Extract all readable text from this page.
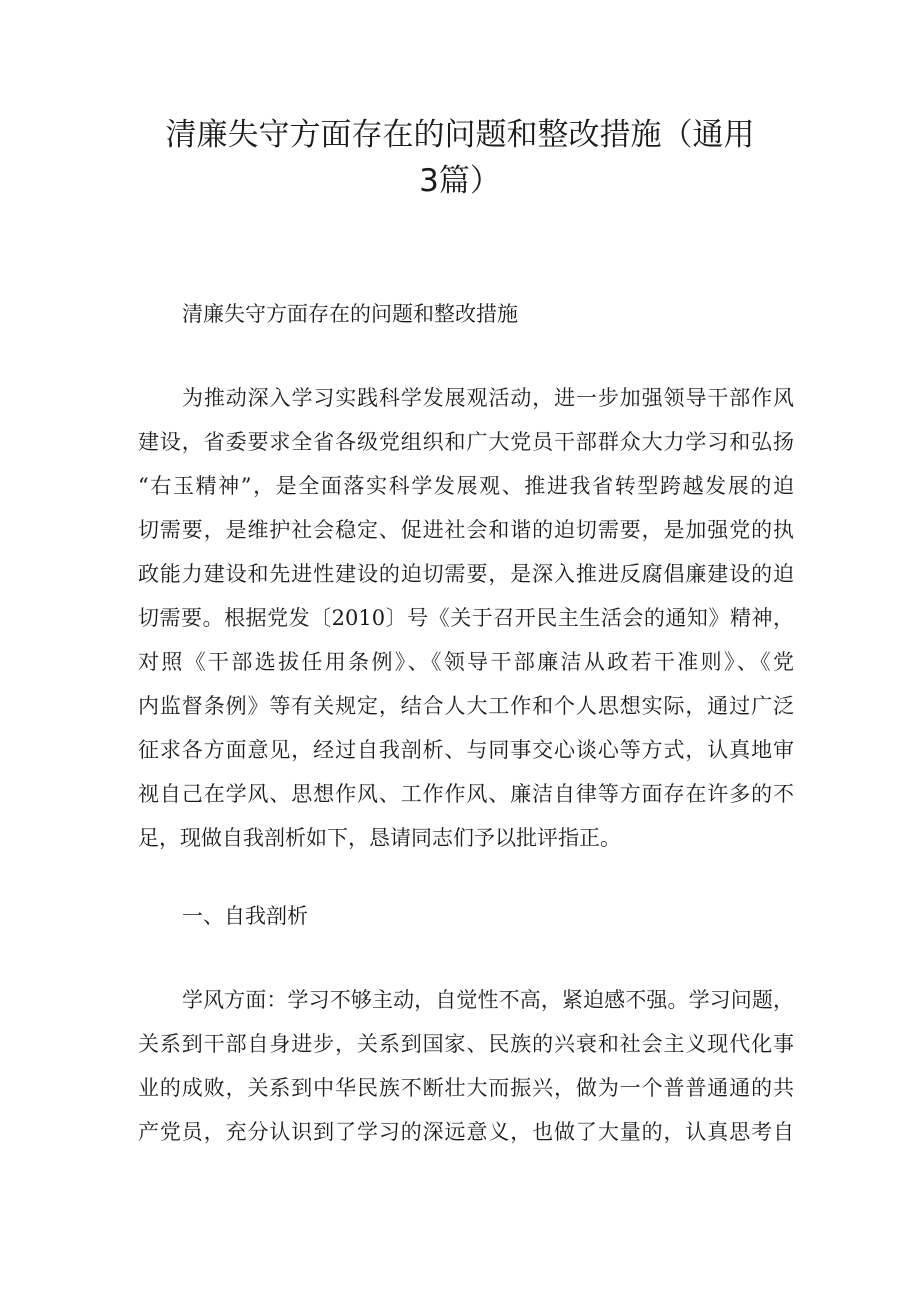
清廉失守方面存在的问题和整改措施（通用
3篇）

清廉失守方面存在的问题和整改措施

为推动深入学习实践科学发展观活动，进一步加强领导干部作风
建设，省委要求全省各级党组织和广大党员干部群众大力学习和弘扬
“右玉精神”，是全面落实科学发展观、推进我省转型跨越发展的迫
切需要，是维护社会稳定、促进社会和谐的迫切需要，是加强党的执
政能力建设和先进性建设的迫切需要，是深入推进反腐倡廉建设的迫
切需要。根据党发〔2010〕号《关于召开民主生活会的通知》精神，
对照《干部选拔任用条例》、《领导干部廉洁从政若干准则》、《党
内监督条例》等有关规定，结合人大工作和个人思想实际，通过广泛
征求各方面意见，经过自我剖析、与同事交心谈心等方式，认真地审
视自己在学风、思想作风、工作作风、廉洁自律等方面存在许多的不
足，现做自我剖析如下，恳请同志们予以批评指正。

一、自我剖析

学风方面：学习不够主动，自觉性不高，紧迫感不强。学习问题，
关系到干部自身进步，关系到国家、民族的兴衰和社会主义现代化事
业的成败，关系到中华民族不断壮大而振兴，做为一个普普通通的共
产党员，充分认识到了学习的深远意义，也做了大量的，认真思考自
